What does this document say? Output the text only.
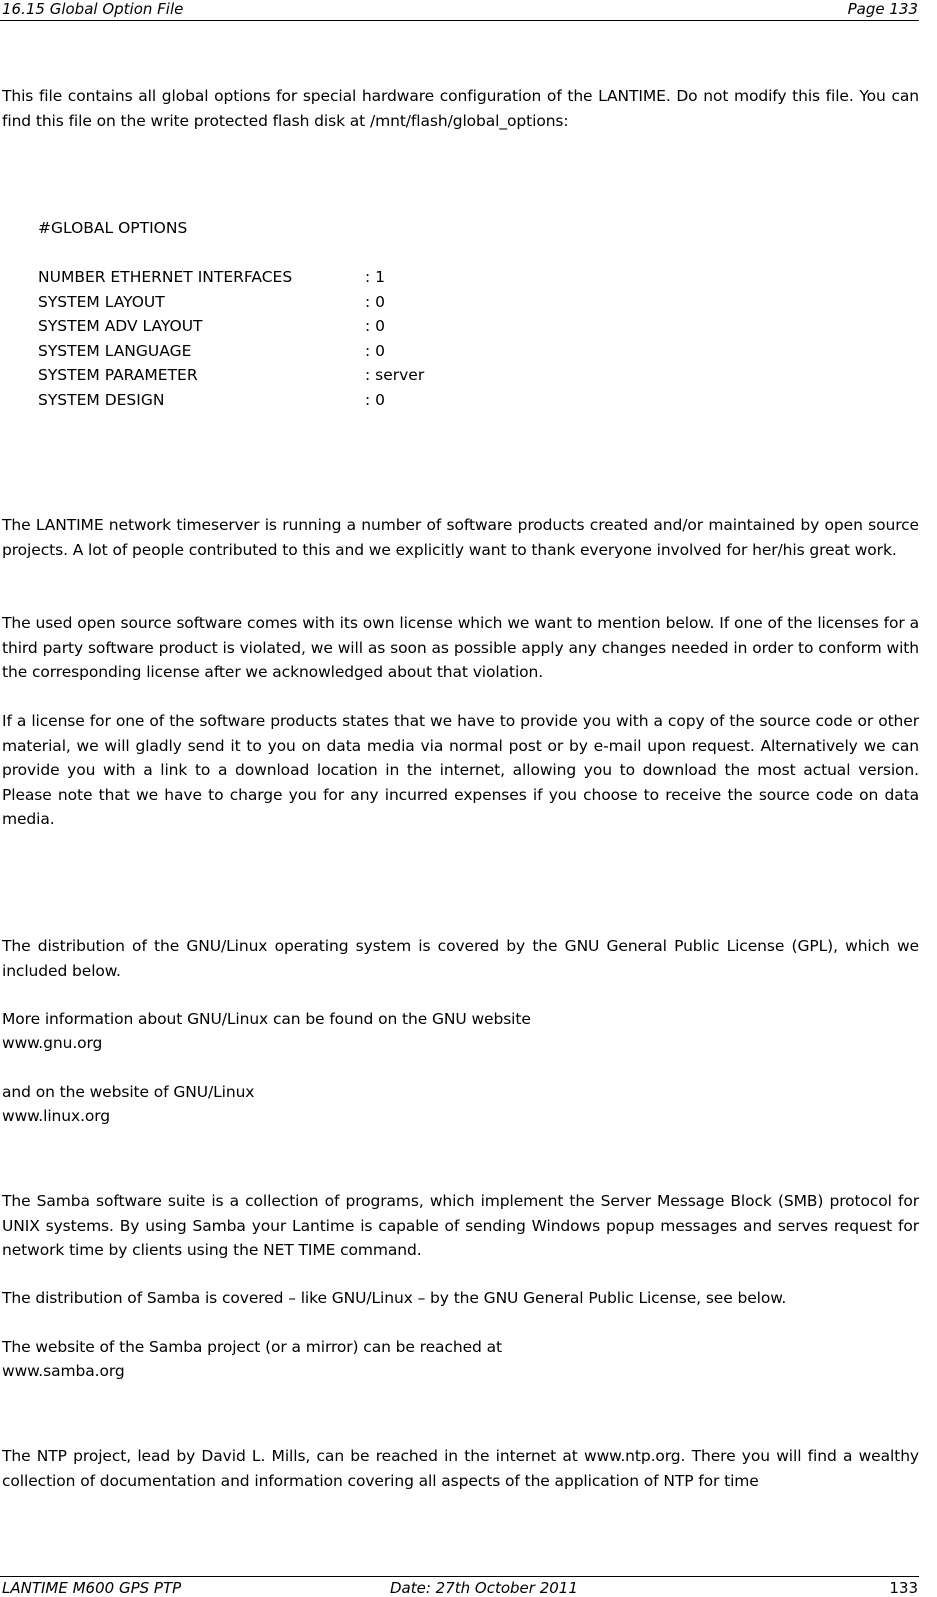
16.15 Global Option File	Page 133

This file contains all global options for special hardware configuration of the LANTIME. Do not modify this file. You can find this file on the write protected flash disk at /mnt/flash/global_options:

#GLOBAL OPTIONS
NUMBER ETHERNET INTERFACES	: 1
SYSTEM LAYOUT	: 0
SYSTEM ADV LAYOUT	: 0
SYSTEM LANGUAGE	: 0
SYSTEM PARAMETER	: server
SYSTEM DESIGN	: 0

The LANTIME network timeserver is running a number of software products created and/or maintained by open source projects. A lot of people contributed to this and we explicitly want to thank everyone involved for her/his great work.

The used open source software comes with its own license which we want to mention below. If one of the licenses for a third party software product is violated, we will as soon as possible apply any changes needed in order to conform with the corresponding license after we acknowledged about that violation.

If a license for one of the software products states that we have to provide you with a copy of the source code or other material, we will gladly send it to you on data media via normal post or by e-mail upon request. Alternatively we can provide you with a link to a download location in the internet, allowing you to download the most actual version. Please note that we have to charge you for any incurred expenses if you choose to receive the source code on data media.

The distribution of the GNU/Linux operating system is covered by the GNU General Public License (GPL), which we included below.

More information about GNU/Linux can be found on the GNU website

www.gnu.org

and on the website of GNU/Linux

www.linux.org

The Samba software suite is a collection of programs, which implement the Server Message Block (SMB) protocol for UNIX systems. By using Samba your Lantime is capable of sending Windows popup messages and serves request for network time by clients using the NET TIME command.

The distribution of Samba is covered – like GNU/Linux – by the GNU General Public License, see below.

The website of the Samba project (or a mirror) can be reached at

www.samba.org

The NTP project, lead by David L. Mills, can be reached in the internet at www.ntp.org. There you will find a wealthy collection of documentation and information covering all aspects of the application of NTP for time

LANTIME M600 GPS PTP	Date: 27th October 2011	133
